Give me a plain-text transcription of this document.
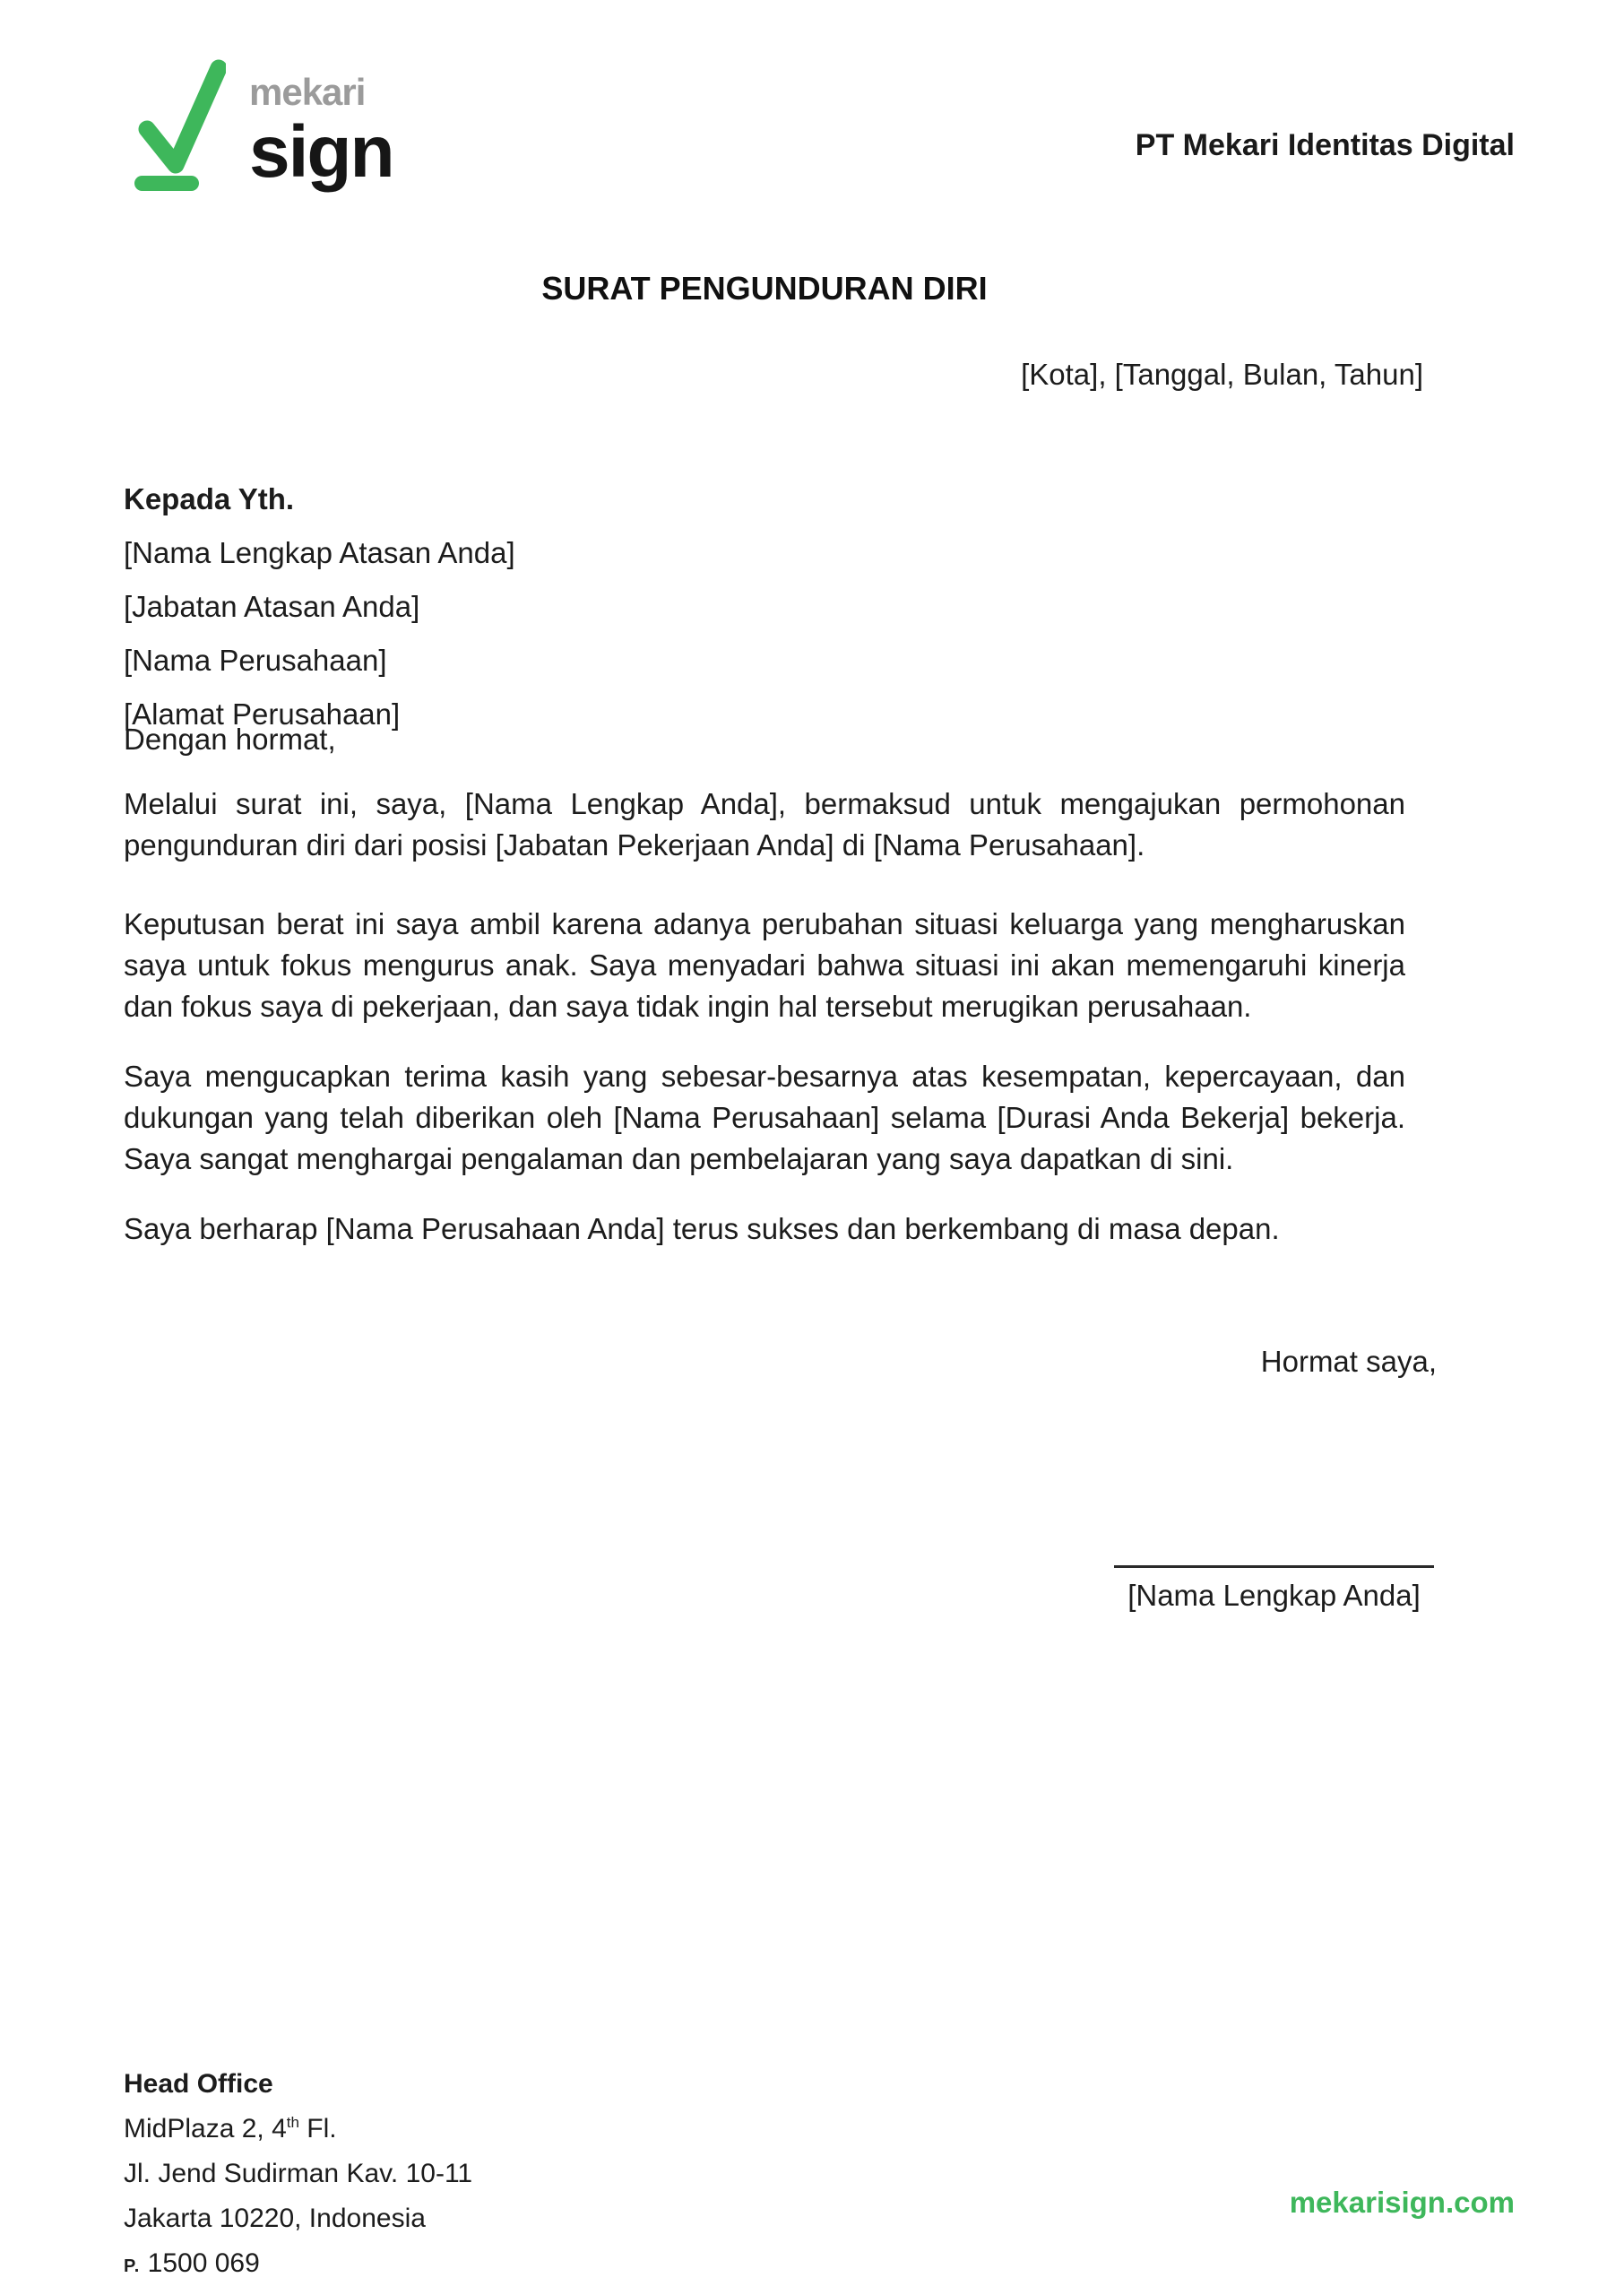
mekari
sign	PT Mekari Identitas Digital
SURAT PENGUNDURAN DIRI
[Kota], [Tanggal, Bulan, Tahun]
Kepada Yth.
[Nama Lengkap Atasan Anda]
[Jabatan Atasan Anda]
[Nama Perusahaan]
[Alamat Perusahaan]
Dengan hormat,

Melalui surat ini, saya, [Nama Lengkap Anda], bermaksud untuk mengajukan permohonan pengunduran diri dari posisi [Jabatan Pekerjaan Anda] di [Nama Perusahaan].

Keputusan berat ini saya ambil karena adanya perubahan situasi keluarga yang mengharuskan saya untuk fokus mengurus anak. Saya menyadari bahwa situasi ini akan memengaruhi kinerja dan fokus saya di pekerjaan, dan saya tidak ingin hal tersebut merugikan perusahaan.

Saya mengucapkan terima kasih yang sebesar-besarnya atas kesempatan, kepercayaan, dan dukungan yang telah diberikan oleh [Nama Perusahaan] selama [Durasi Anda Bekerja] bekerja. Saya sangat menghargai pengalaman dan pembelajaran yang saya dapatkan di sini.

Saya berharap [Nama Perusahaan Anda] terus sukses dan berkembang di masa depan.

Hormat saya,
[Nama Lengkap Anda]
Head Office
MidPlaza 2, 4th Fl.
Jl. Jend Sudirman Kav. 10-11
Jakarta 10220, Indonesia
P. 1500 069
mekarisign.com
